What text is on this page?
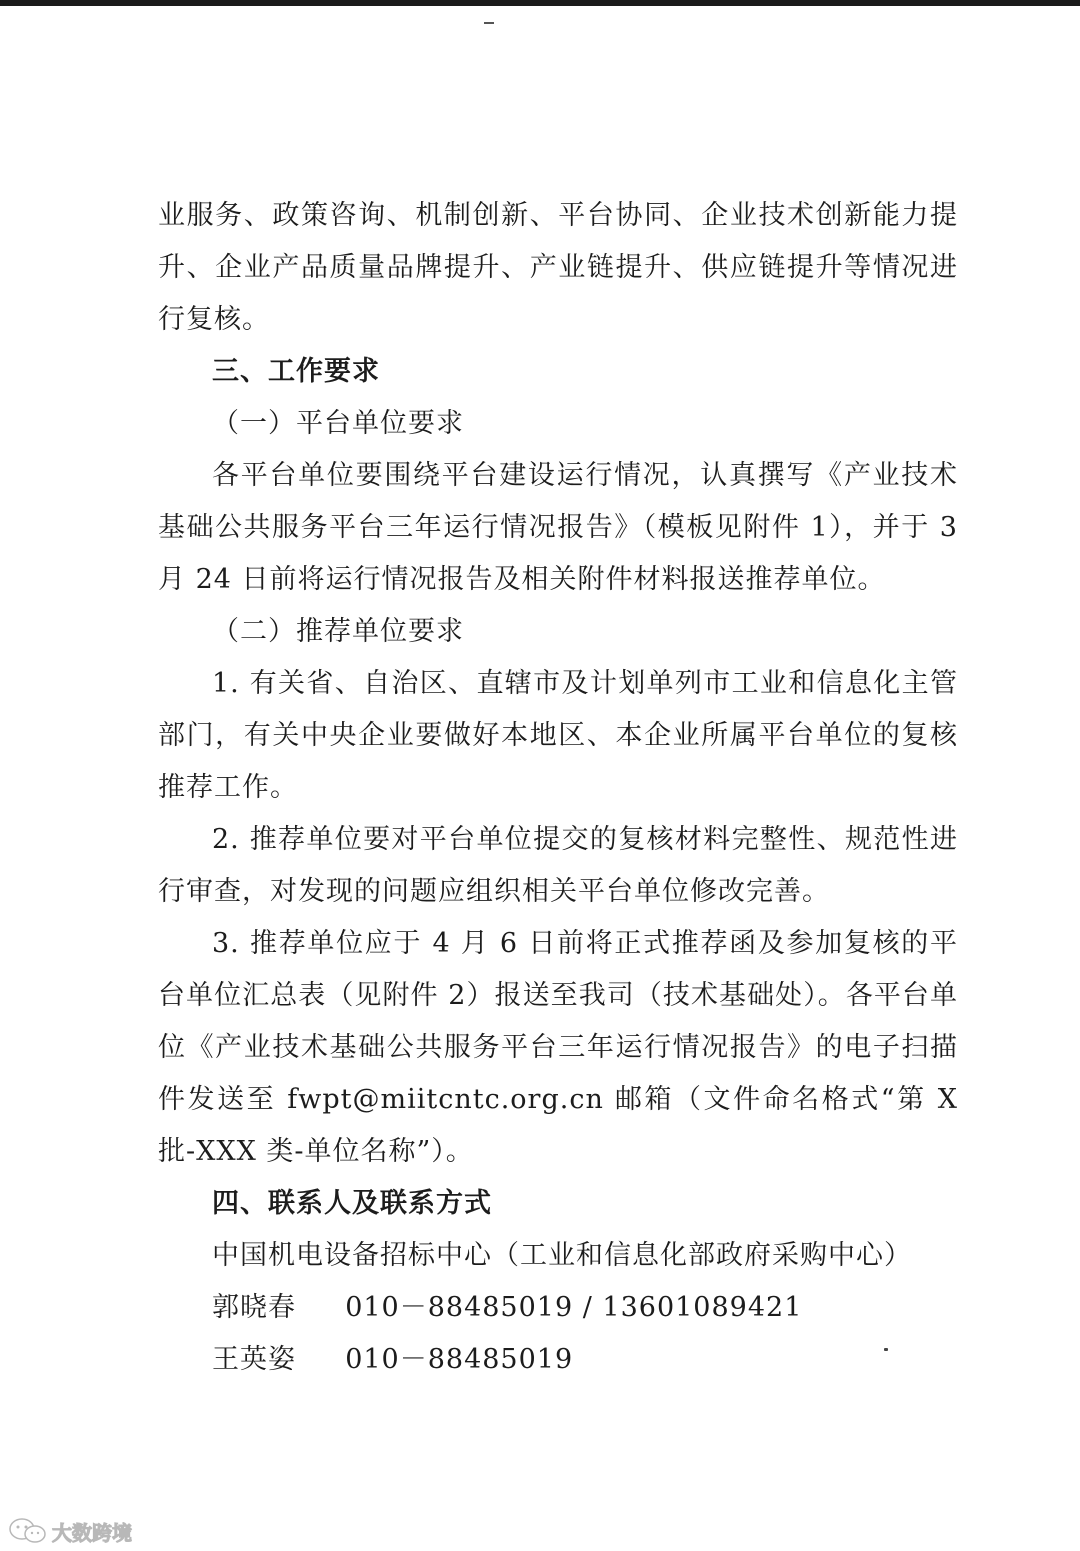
业服务、政策咨询、机制创新、平台协同、企业技术创新能力提升、企业产品质量品牌提升、产业链提升、供应链提升等情况进行复核。

三、工作要求

（一）平台单位要求

各平台单位要围绕平台建设运行情况，认真撰写《产业技术基础公共服务平台三年运行情况报告》（模板见附件 1），并于 3 月 24 日前将运行情况报告及相关附件材料报送推荐单位。

（二）推荐单位要求

1. 有关省、自治区、直辖市及计划单列市工业和信息化主管部门，有关中央企业要做好本地区、本企业所属平台单位的复核推荐工作。

2. 推荐单位要对平台单位提交的复核材料完整性、规范性进行审查，对发现的问题应组织相关平台单位修改完善。

3. 推荐单位应于 4 月 6 日前将正式推荐函及参加复核的平台单位汇总表（见附件 2）报送至我司（技术基础处）。各平台单位《产业技术基础公共服务平台三年运行情况报告》的电子扫描件发送至 fwpt@miitcntc.org.cn 邮箱（文件命名格式“第 X 批-XXX 类-单位名称”）。

四、联系人及联系方式

中国机电设备招标中心（工业和信息化部政府采购中心）

郭晓春 010－88485019 / 13601089421

王英姿 010－88485019

大数跨境
